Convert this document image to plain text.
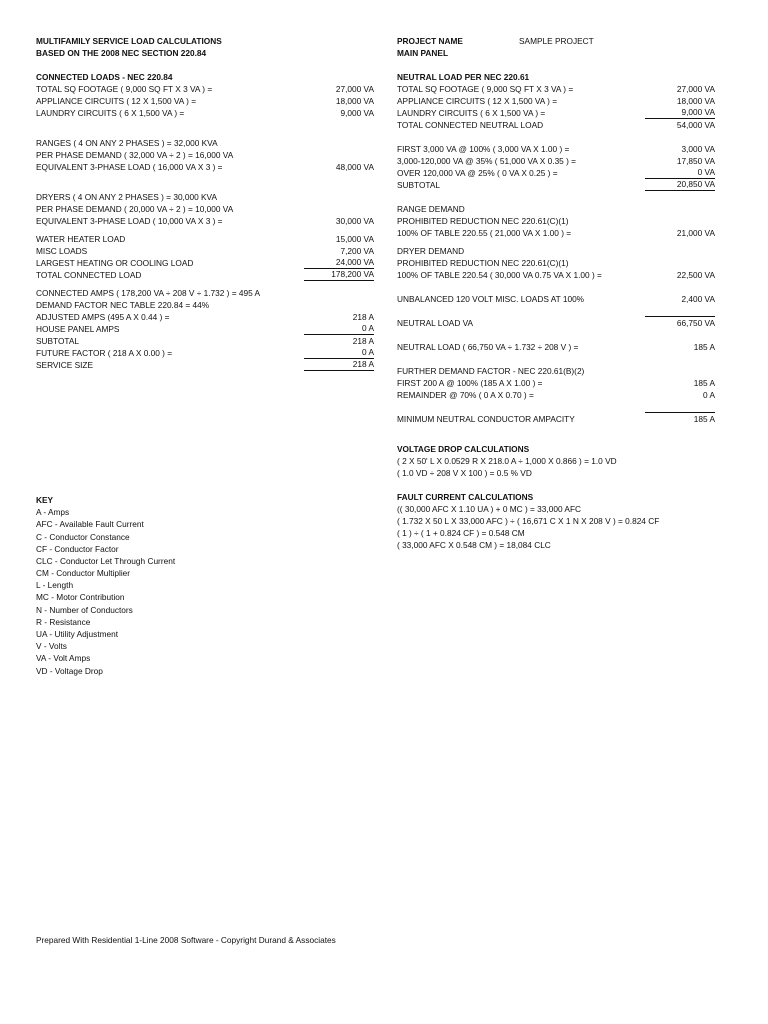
MULTIFAMILY SERVICE LOAD CALCULATIONS
BASED ON THE 2008 NEC SECTION 220.84
CONNECTED LOADS - NEC 220.84
TOTAL SQ FOOTAGE ( 9,000 SQ FT X 3 VA ) =	27,000 VA
APPLIANCE CIRCUITS ( 12 X 1,500 VA ) =	18,000 VA
LAUNDRY CIRCUITS ( 6 X 1,500 VA ) =	9,000 VA
RANGES ( 4 ON ANY 2 PHASES ) = 32,000 KVA
PER PHASE DEMAND ( 32,000 VA ÷ 2 ) = 16,000 VA
EQUIVALENT 3-PHASE LOAD ( 16,000 VA X 3 ) =	48,000 VA
DRYERS ( 4 ON ANY 2 PHASES ) = 30,000 KVA
PER PHASE DEMAND ( 20,000 VA ÷ 2 ) = 10,000 VA
EQUIVALENT 3-PHASE LOAD ( 10,000 VA X 3 ) =	30,000 VA
WATER HEATER LOAD	15,000 VA
MISC LOADS	7,200 VA
LARGEST HEATING OR COOLING LOAD	24,000 VA
TOTAL CONNECTED LOAD	178,200 VA
CONNECTED AMPS ( 178,200 VA ÷ 208 V ÷ 1.732 ) = 495 A
DEMAND FACTOR NEC TABLE 220.84 = 44%
ADJUSTED AMPS (495 A X 0.44 ) =	218 A
HOUSE PANEL AMPS	0 A
SUBTOTAL	218 A
FUTURE FACTOR ( 218 A X 0.00 ) =	0 A
SERVICE SIZE	218 A
PROJECT NAME	SAMPLE PROJECT
MAIN PANEL
NEUTRAL LOAD PER NEC 220.61
TOTAL SQ FOOTAGE ( 9,000 SQ FT X 3 VA ) =	27,000 VA
APPLIANCE CIRCUITS ( 12 X 1,500 VA ) =	18,000 VA
LAUNDRY CIRCUITS ( 6 X 1,500 VA ) =	9,000 VA
TOTAL CONNECTED NEUTRAL LOAD	54,000 VA
FIRST 3,000 VA @ 100% ( 3,000 VA X 1.00 ) =	3,000 VA
3,000-120,000 VA @ 35% ( 51,000 VA X 0.35 ) =	17,850 VA
OVER 120,000 VA @ 25% ( 0 VA X 0.25 ) =	0 VA
SUBTOTAL	20,850 VA
RANGE DEMAND
PROHIBITED REDUCTION NEC 220.61(C)(1)
100% OF TABLE 220.55 ( 21,000 VA X 1.00 ) =	21,000 VA
DRYER DEMAND
PROHIBITED REDUCTION NEC 220.61(C)(1)
100% OF TABLE 220.54 ( 30,000 VA 0.75 VA X 1.00 ) =	22,500 VA
UNBALANCED 120 VOLT MISC. LOADS AT 100%	2,400 VA
NEUTRAL LOAD VA	66,750 VA
NEUTRAL LOAD ( 66,750 VA ÷ 1.732 ÷ 208 V ) =	185 A
FURTHER DEMAND FACTOR - NEC 220.61(B)(2)
FIRST 200 A @ 100% (185 A X 1.00 ) =	185 A
REMAINDER @ 70% ( 0 A X 0.70 ) =	0 A
MINIMUM NEUTRAL CONDUCTOR AMPACITY	185 A
VOLTAGE DROP CALCULATIONS
( 2 X 50' L X 0.0529 R X 218.0 A ÷ 1,000 X 0.866 ) = 1.0 VD
( 1.0 VD ÷ 208 V X 100 ) = 0.5 % VD
FAULT CURRENT CALCULATIONS
(( 30,000 AFC X 1.10 UA ) + 0 MC ) = 33,000 AFC
( 1.732 X 50 L X 33,000 AFC ) ÷ ( 16,671 C X 1 N X 208 V ) = 0.824 CF
( 1 ) ÷ ( 1 + 0.824 CF ) = 0.548 CM
( 33,000 AFC X 0.548 CM ) = 18,084 CLC
KEY
A - Amps
AFC - Available Fault Current
C - Conductor Constance
CF - Conductor Factor
CLC - Conductor Let Through Current
CM - Conductor Multiplier
L - Length
MC - Motor Contribution
N - Number of Conductors
R - Resistance
UA - Utility Adjustment
V - Volts
VA - Volt Amps
VD - Voltage Drop
Prepared With Residential 1-Line 2008 Software - Copyright Durand & Associates
